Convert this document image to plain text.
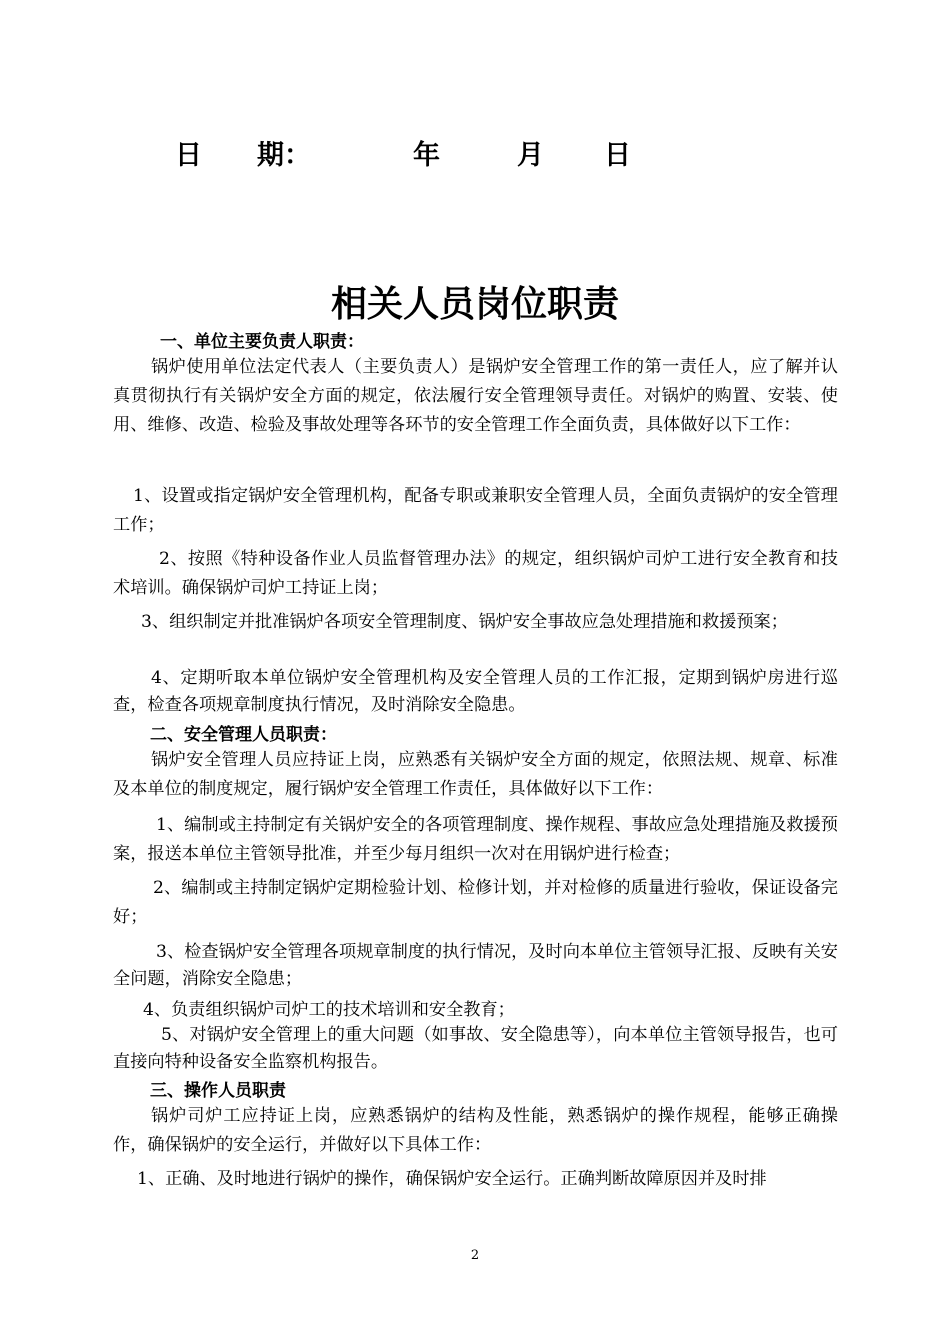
日 期：	年	月 日
相关人员岗位职责
一、单位主要负责人职责：
锅炉使用单位法定代表人（主要负责人）是锅炉安全管理工作的第一责任人，应了解并认真贯彻执行有关锅炉安全方面的规定，依法履行安全管理领导责任。对锅炉的购置、安装、使用、维修、改造、检验及事故处理等各环节的安全管理工作全面负责，具体做好以下工作：
1、设置或指定锅炉安全管理机构，配备专职或兼职安全管理人员，全面负责锅炉的安全管理工作；
2、按照《特种设备作业人员监督管理办法》的规定，组织锅炉司炉工进行安全教育和技术培训。确保锅炉司炉工持证上岗；
3、组织制定并批准锅炉各项安全管理制度、锅炉安全事故应急处理措施和救援预案；
4、定期听取本单位锅炉安全管理机构及安全管理人员的工作汇报，定期到锅炉房进行巡查，检查各项规章制度执行情况，及时消除安全隐患。
二、安全管理人员职责：
锅炉安全管理人员应持证上岗，应熟悉有关锅炉安全方面的规定，依照法规、规章、标准及本单位的制度规定，履行锅炉安全管理工作责任，具体做好以下工作：
1、编制或主持制定有关锅炉安全的各项管理制度、操作规程、事故应急处理措施及救援预案，报送本单位主管领导批准，并至少每月组织一次对在用锅炉进行检查；
2、编制或主持制定锅炉定期检验计划、检修计划，并对检修的质量进行验收，保证设备完好；
3、检查锅炉安全管理各项规章制度的执行情况，及时向本单位主管领导汇报、反映有关安全问题，消除安全隐患；
4、负责组织锅炉司炉工的技术培训和安全教育；
5、对锅炉安全管理上的重大问题（如事故、安全隐患等），向本单位主管领导报告，也可直接向特种设备安全监察机构报告。
三、操作人员职责
锅炉司炉工应持证上岗，应熟悉锅炉的结构及性能，熟悉锅炉的操作规程，能够正确操作，确保锅炉的安全运行，并做好以下具体工作：
1、正确、及时地进行锅炉的操作，确保锅炉安全运行。正确判断故障原因并及时排
2
